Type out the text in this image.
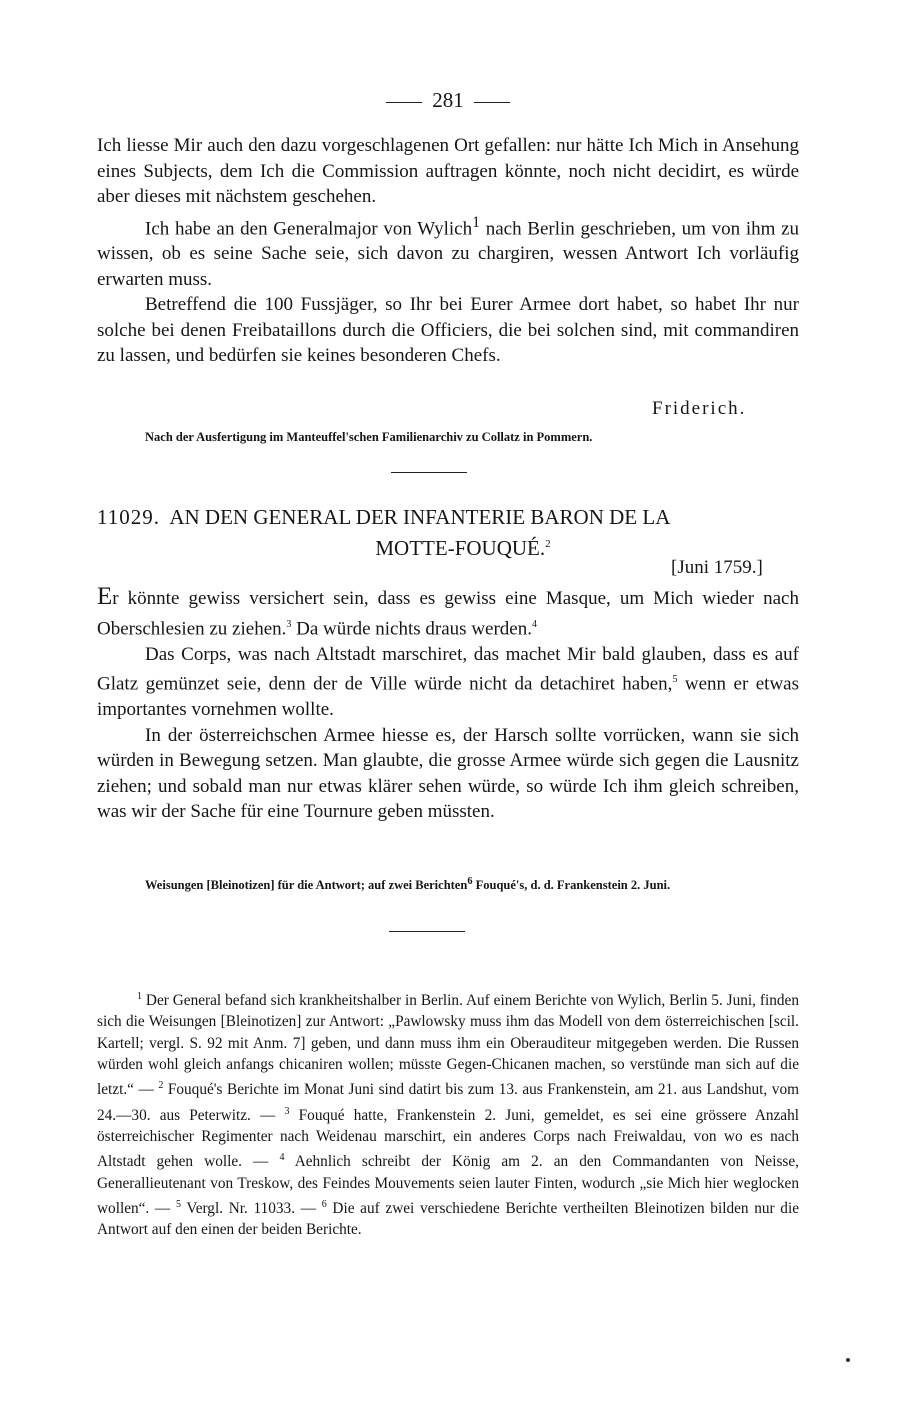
281

Ich liesse Mir auch den dazu vorgeschlagenen Ort gefallen: nur hätte Ich Mich in Ansehung eines Subjects, dem Ich die Commission auftragen könnte, noch nicht decidirt, es würde aber dieses mit nächstem geschehen.

Ich habe an den Generalmajor von Wylich$^1$ nach Berlin geschrieben, um von ihm zu wissen, ob es seine Sache seie, sich davon zu chargiren, wessen Antwort Ich vorläufig erwarten muss.

Betreffend die 100 Fussjäger, so Ihr bei Eurer Armee dort habet, so habet Ihr nur solche bei denen Freibataillons durch die Officiers, die bei solchen sind, mit commandiren zu lassen, und bedürfen sie keines besonderen Chefs.

Friderich.
Nach der Ausfertigung im Manteuffel'schen Familienarchiv zu Collatz in Pommern.
11029. AN DEN GENERAL DER INFANTERIE BARON DE LA
MOTTE-FOUQUÉ.$^2$
[Juni 1759.]

Er könnte gewiss versichert sein, dass es gewiss eine Masque, um Mich wieder nach Oberschlesien zu ziehen.$^3$ Da würde nichts draus werden.$^4$

Das Corps, was nach Altstadt marschiret, das machet Mir bald glauben, dass es auf Glatz gemünzet seie, denn der de Ville würde nicht da detachiret haben,$^5$ wenn er etwas importantes vornehmen wollte.

In der österreichschen Armee hiesse es, der Harsch sollte vorrücken, wann sie sich würden in Bewegung setzen. Man glaubte, die grosse Armee würde sich gegen die Lausnitz ziehen; und sobald man nur etwas klärer sehen würde, so würde Ich ihm gleich schreiben, was wir der Sache für eine Tournure geben müssten.

Weisungen [Bleinotizen] für die Antwort; auf zwei Berichten$^6$ Fouqué's, d. d. Frankenstein 2. Juni.

$^1$ Der General befand sich krankheitshalber in Berlin. Auf einem Berichte von Wylich, Berlin 5. Juni, finden sich die Weisungen [Bleinotizen] zur Antwort: „Pawlowsky muss ihm das Modell von dem österreichischen [scil. Kartell; vergl. S. 92 mit Anm. 7] geben, und dann muss ihm ein Oberauditeur mitgegeben werden. Die Russen würden wohl gleich anfangs chicaniren wollen; müsste Gegen-Chicanen machen, so verstünde man sich auf die letzt.“ — $^2$ Fouqué's Berichte im Monat Juni sind datirt bis zum 13. aus Frankenstein, am 21. aus Landshut, vom 24.—30. aus Peterwitz. — $^3$ Fouqué hatte, Frankenstein 2. Juni, gemeldet, es sei eine grössere Anzahl österreichischer Regimenter nach Weidenau marschirt, ein anderes Corps nach Freiwaldau, von wo es nach Altstadt gehen wolle. — $^4$ Aehnlich schreibt der König am 2. an den Commandanten von Neisse, Generallieutenant von Treskow, des Feindes Mouvements seien lauter Finten, wodurch „sie Mich hier weglocken wollen“. — $^5$ Vergl. Nr. 11033. — $^6$ Die auf zwei verschiedene Berichte vertheilten Bleinotizen bilden nur die Antwort auf den einen der beiden Berichte.
